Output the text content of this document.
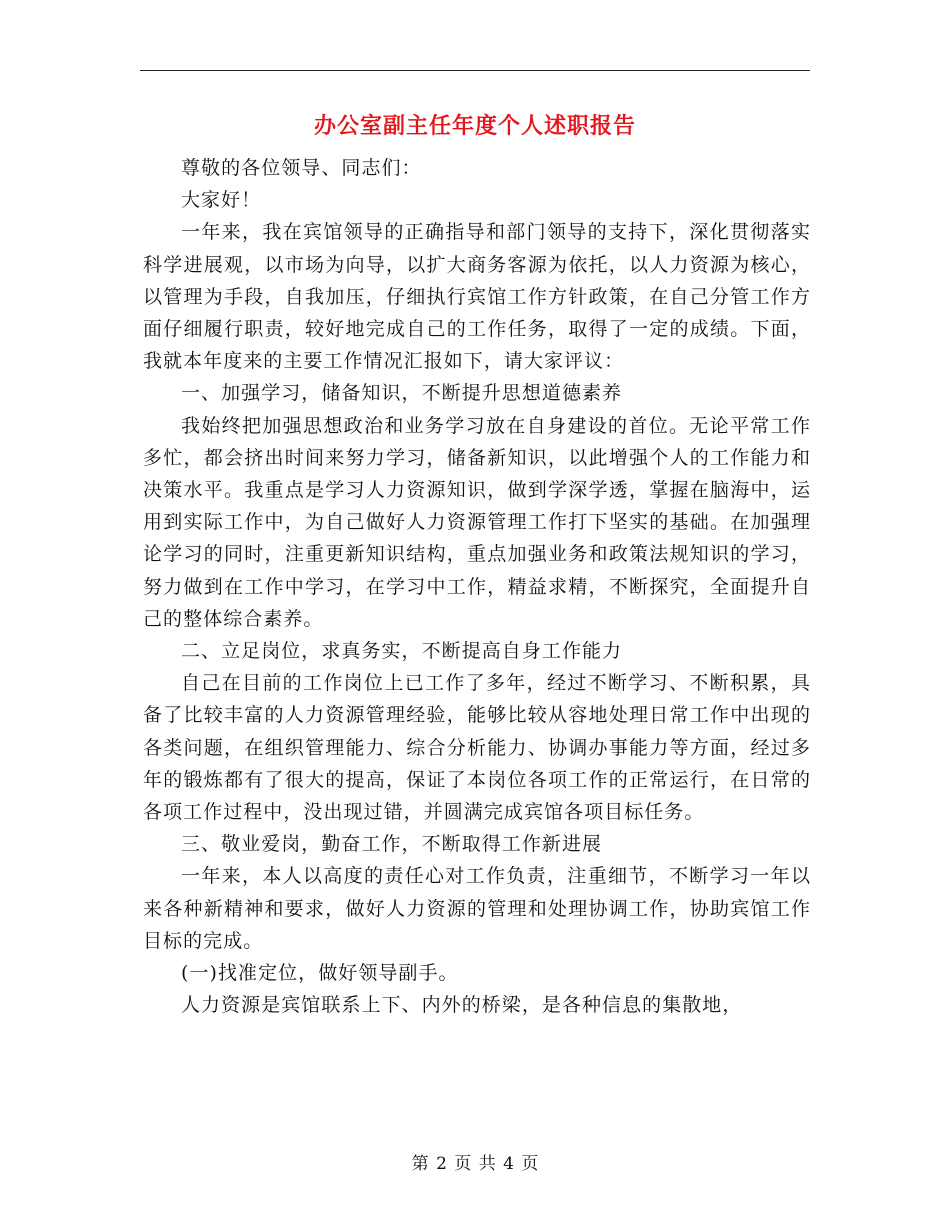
办公室副主任年度个人述职报告

尊敬的各位领导、同志们：

大家好！

一年来，我在宾馆领导的正确指导和部门领导的支持下，深化贯彻落实科学进展观，以市场为向导，以扩大商务客源为依托，以人力资源为核心，以管理为手段，自我加压，仔细执行宾馆工作方针政策，在自己分管工作方面仔细履行职责，较好地完成自己的工作任务，取得了一定的成绩。下面，我就本年度来的主要工作情况汇报如下，请大家评议：

一、加强学习，储备知识，不断提升思想道德素养

我始终把加强思想政治和业务学习放在自身建设的首位。无论平常工作多忙，都会挤出时间来努力学习，储备新知识，以此增强个人的工作能力和决策水平。我重点是学习人力资源知识，做到学深学透，掌握在脑海中，运用到实际工作中，为自己做好人力资源管理工作打下坚实的基础。在加强理论学习的同时，注重更新知识结构，重点加强业务和政策法规知识的学习，努力做到在工作中学习，在学习中工作，精益求精，不断探究，全面提升自己的整体综合素养。

二、立足岗位，求真务实，不断提高自身工作能力

自己在目前的工作岗位上已工作了多年，经过不断学习、不断积累，具备了比较丰富的人力资源管理经验，能够比较从容地处理日常工作中出现的各类问题，在组织管理能力、综合分析能力、协调办事能力等方面，经过多年的锻炼都有了很大的提高，保证了本岗位各项工作的正常运行，在日常的各项工作过程中，没出现过错，并圆满完成宾馆各项目标任务。

三、敬业爱岗，勤奋工作，不断取得工作新进展

一年来，本人以高度的责任心对工作负责，注重细节，不断学习一年以来各种新精神和要求，做好人力资源的管理和处理协调工作，协助宾馆工作目标的完成。

(一)找准定位，做好领导副手。

人力资源是宾馆联系上下、内外的桥梁，是各种信息的集散地，

第 2 页 共 4 页
